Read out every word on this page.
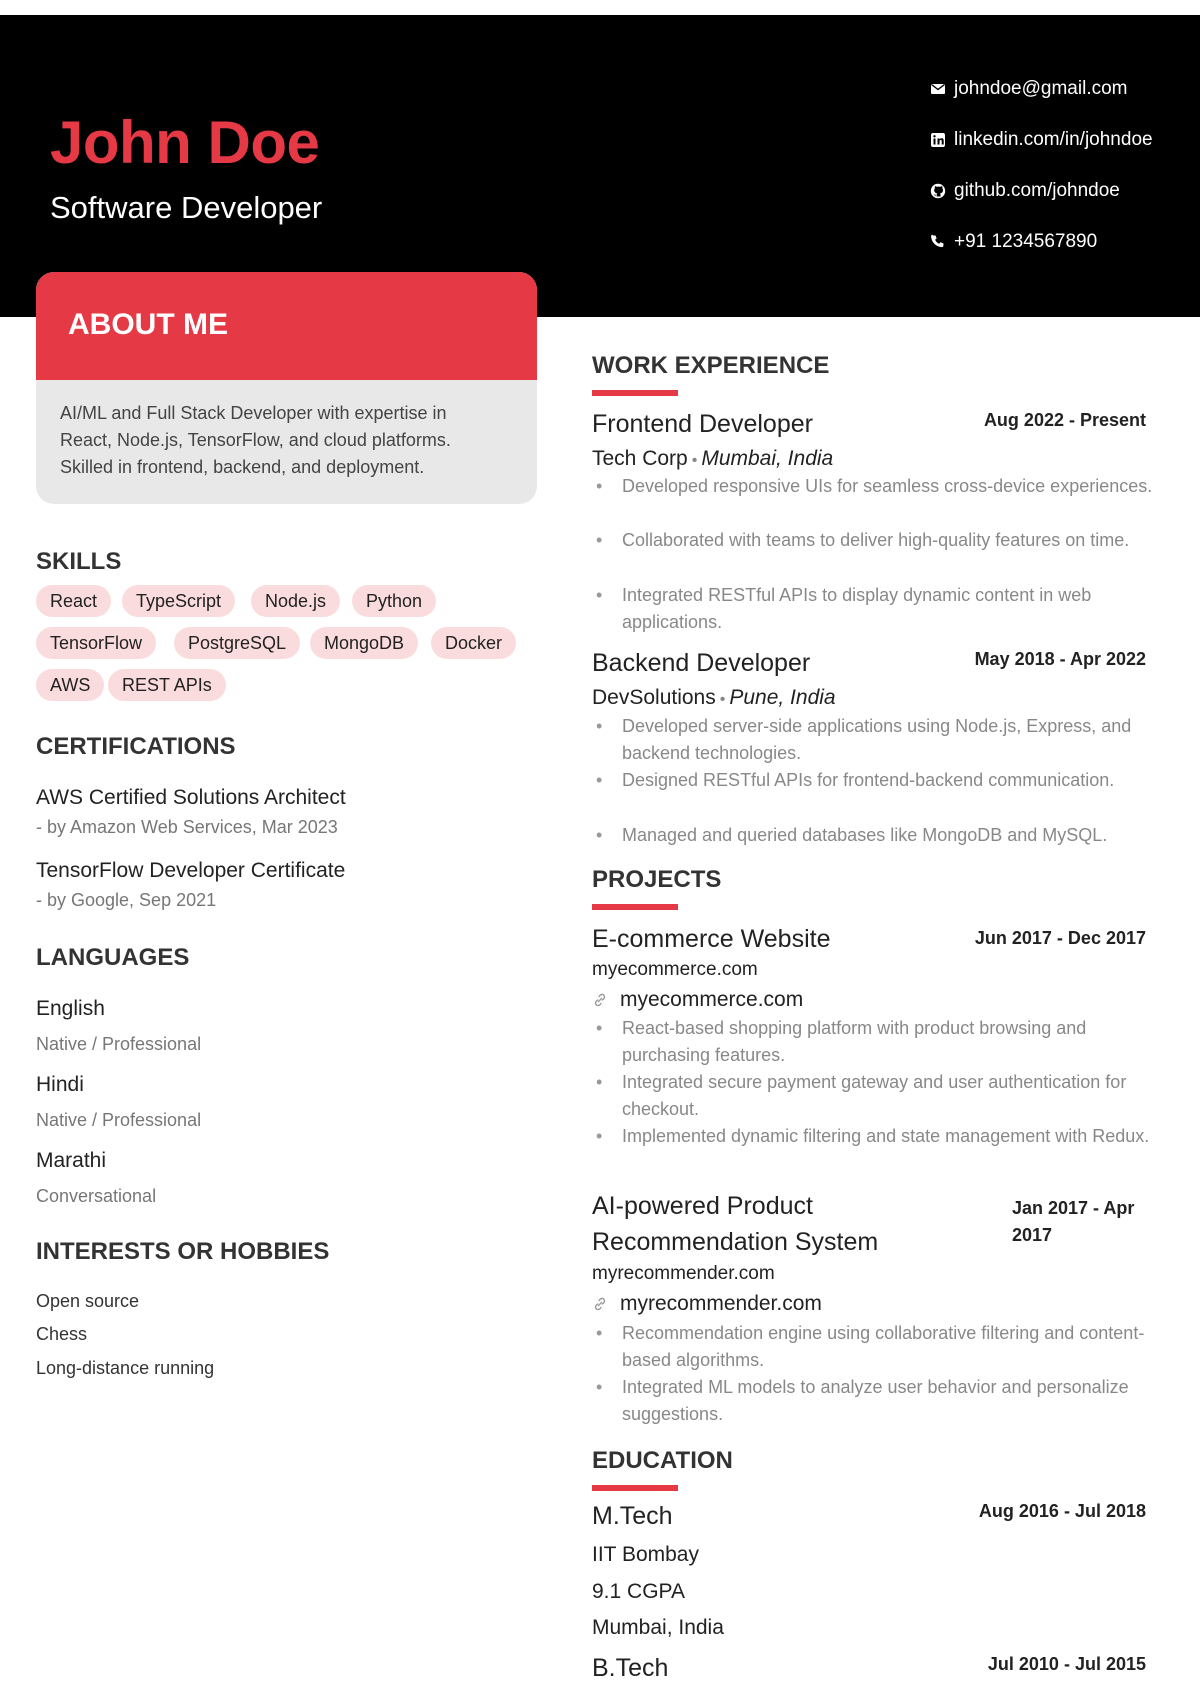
John Doe
Software Developer
johndoe@gmail.com
linkedin.com/in/johndoe
github.com/johndoe
+91 1234567890
ABOUT ME
AI/ML and Full Stack Developer with expertise in React, Node.js, TensorFlow, and cloud platforms. Skilled in frontend, backend, and deployment.
SKILLS
React	TypeScript	Node.js	Python
TensorFlow	PostgreSQL	MongoDB	Docker
AWS	REST APIs
CERTIFICATIONS
AWS Certified Solutions Architect
- by Amazon Web Services, Mar 2023
TensorFlow Developer Certificate
- by Google, Sep 2021
LANGUAGES
English
Native / Professional
Hindi
Native / Professional
Marathi
Conversational
INTERESTS OR HOBBIES
Open source
Chess
Long-distance running
WORK EXPERIENCE
Frontend Developer	Aug 2022 - Present
Tech Corp • Mumbai, India
• Developed responsive UIs for seamless cross-device experiences.
• Collaborated with teams to deliver high-quality features on time.
• Integrated RESTful APIs to display dynamic content in web applications.
Backend Developer	May 2018 - Apr 2022
DevSolutions • Pune, India
• Developed server-side applications using Node.js, Express, and backend technologies.
• Designed RESTful APIs for frontend-backend communication.
• Managed and queried databases like MongoDB and MySQL.
PROJECTS
E-commerce Website	Jun 2017 - Dec 2017
myecommerce.com
myecommerce.com
• React-based shopping platform with product browsing and purchasing features.
• Integrated secure payment gateway and user authentication for checkout.
• Implemented dynamic filtering and state management with Redux.
AI-powered Product
Recommendation System
Jan 2017 - Apr
2017
myrecommender.com
myrecommender.com
• Recommendation engine using collaborative filtering and content-based algorithms.
• Integrated ML models to analyze user behavior and personalize suggestions.
EDUCATION
M.Tech	Aug 2016 - Jul 2018
IIT Bombay
9.1 CGPA
Mumbai, India
B.Tech	Jul 2010 - Jul 2015
